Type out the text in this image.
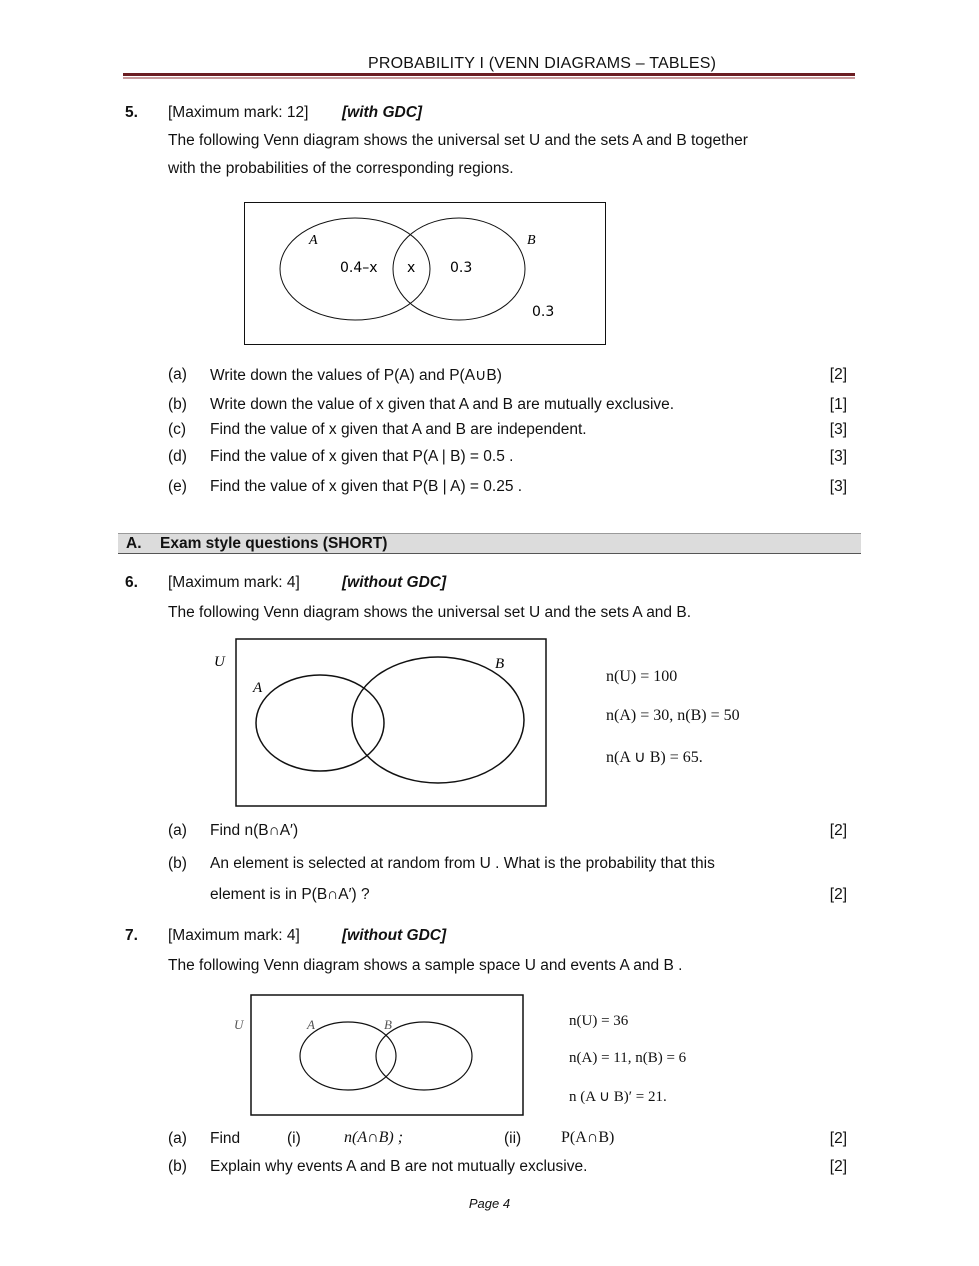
PROBABILITY I (VENN DIAGRAMS – TABLES)
5. [Maximum mark: 12] [with GDC]
The following Venn diagram shows the universal set U and the sets A and B together
with the probabilities of the corresponding regions.
A	B
0.4–x x 0.3
0.3
(a) Write down the values of P(A) and P(A∪B)	[2]
(b) Write down the value of x given that A and B are mutually exclusive.	[1]
(c) Find the value of x given that A and B are independent.	[3]
(d) Find the value of x given that P(A | B) = 0.5 .	[3]
(e) Find the value of x given that P(B | A) = 0.25 .	[3]
A. Exam style questions (SHORT)
6. [Maximum mark: 4]	[without GDC]
The following Venn diagram shows the universal set U and the sets A and B.
U
A
B
n(U) = 100
n(A) = 30, n(B) = 50
n(A ∪ B) = 65.
(a) Find n(B∩A′)	[2]
(b) An element is selected at random from U . What is the probability that this
element is in P(B∩A′) ?	[2]
7. [Maximum mark: 4]	[without GDC]
The following Venn diagram shows a sample space U and events A and B .
U	A	B	n(U) = 36
n(A) = 11, n(B) = 6
n (A ∪ B)′ = 21.
(a) Find	(i)	n(A∩B) ;	(ii) P(A∩B)	[2]
(b) Explain why events A and B are not mutually exclusive.	[2]
Page 4
